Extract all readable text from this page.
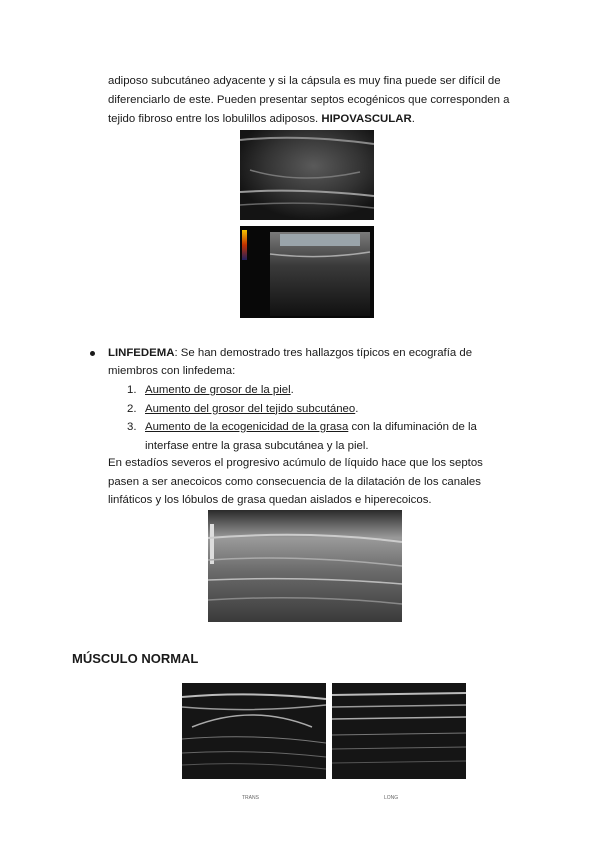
adiposo subcutáneo adyacente y si la cápsula es muy fina puede ser difícil de
diferenciarlo de este. Pueden presentar septos ecogénicos que corresponden a
tejido fibroso entre los lobulillos adiposos. HIPOVASCULAR.
LINFEDEMA: Se han demostrado tres hallazgos típicos en ecografía de
miembros con linfedema:
1. Aumento de grosor de la piel.
2. Aumento del grosor del tejido subcutáneo.
3. Aumento de la ecogenicidad de la grasa con la difuminación de la
interfase entre la grasa subcutánea y la piel.
En estadíos severos el progresivo acúmulo de líquido hace que los septos
pasen a ser anecoicos como consecuencia de la dilatación de los canales
linfáticos y los lóbulos de grasa quedan aislados e hiperecoicos.
MÚSCULO NORMAL
TRANS	LONG
